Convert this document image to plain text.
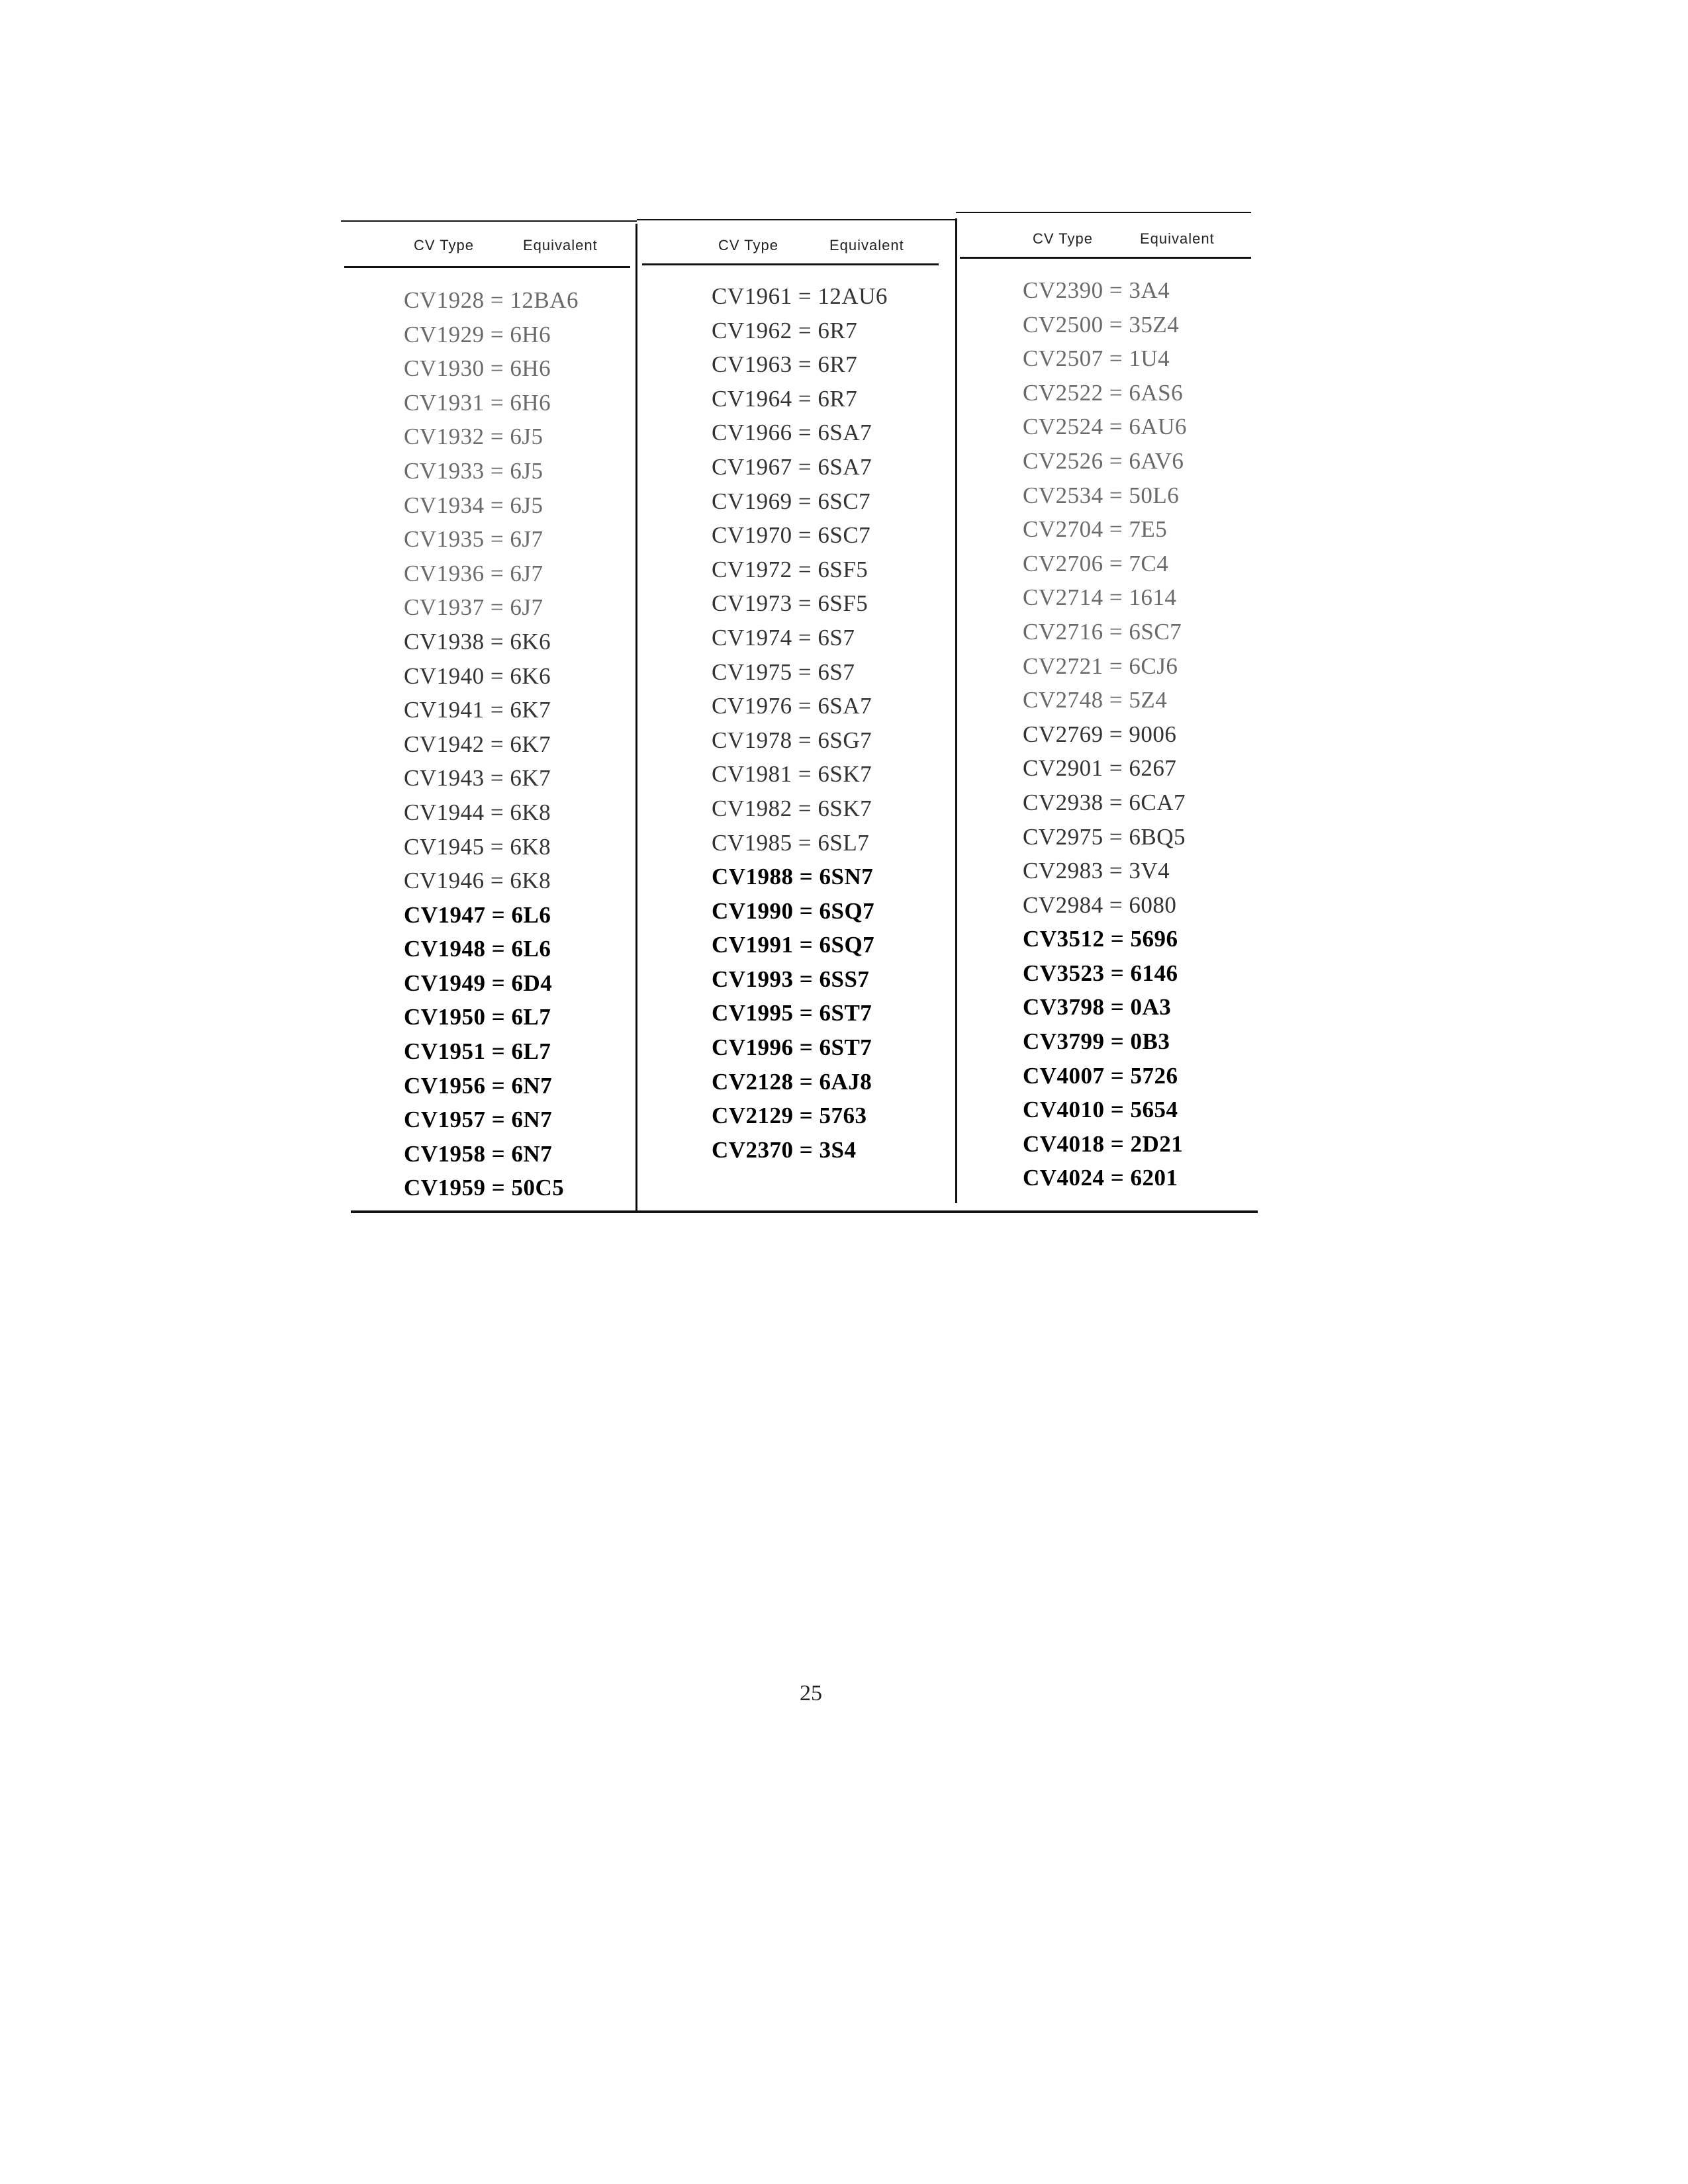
CV Type	Equivalent	CV Type	Equivalent	CV Type	Equivalent
CV1928 = 12BA6
CV1929 = 6H6
CV1930 = 6H6
CV1931 = 6H6
CV1932 = 6J5
CV1933 = 6J5
CV1934 = 6J5
CV1935 = 6J7
CV1936 = 6J7
CV1937 = 6J7
CV1938 = 6K6
CV1940 = 6K6
CV1941 = 6K7
CV1942 = 6K7
CV1943 = 6K7
CV1944 = 6K8
CV1945 = 6K8
CV1946 = 6K8
CV1947 = 6L6
CV1948 = 6L6
CV1949 = 6D4
CV1950 = 6L7
CV1951 = 6L7
CV1956 = 6N7
CV1957 = 6N7
CV1958 = 6N7
CV1959 = 50C5
CV1961 = 12AU6
CV1962 = 6R7
CV1963 = 6R7
CV1964 = 6R7
CV1966 = 6SA7
CV1967 = 6SA7
CV1969 = 6SC7
CV1970 = 6SC7
CV1972 = 6SF5
CV1973 = 6SF5
CV1974 = 6S7
CV1975 = 6S7
CV1976 = 6SA7
CV1978 = 6SG7
CV1981 = 6SK7
CV1982 = 6SK7
CV1985 = 6SL7
CV1988 = 6SN7
CV1990 = 6SQ7
CV1991 = 6SQ7
CV1993 = 6SS7
CV1995 = 6ST7
CV1996 = 6ST7
CV2128 = 6AJ8
CV2129 = 5763
CV2370 = 3S4
CV2390 = 3A4
CV2500 = 35Z4
CV2507 = 1U4
CV2522 = 6AS6
CV2524 = 6AU6
CV2526 = 6AV6
CV2534 = 50L6
CV2704 = 7E5
CV2706 = 7C4
CV2714 = 1614
CV2716 = 6SC7
CV2721 = 6CJ6
CV2748 = 5Z4
CV2769 = 9006
CV2901 = 6267
CV2938 = 6CA7
CV2975 = 6BQ5
CV2983 = 3V4
CV2984 = 6080
CV3512 = 5696
CV3523 = 6146
CV3798 = 0A3
CV3799 = 0B3
CV4007 = 5726
CV4010 = 5654
CV4018 = 2D21
CV4024 = 6201
25
